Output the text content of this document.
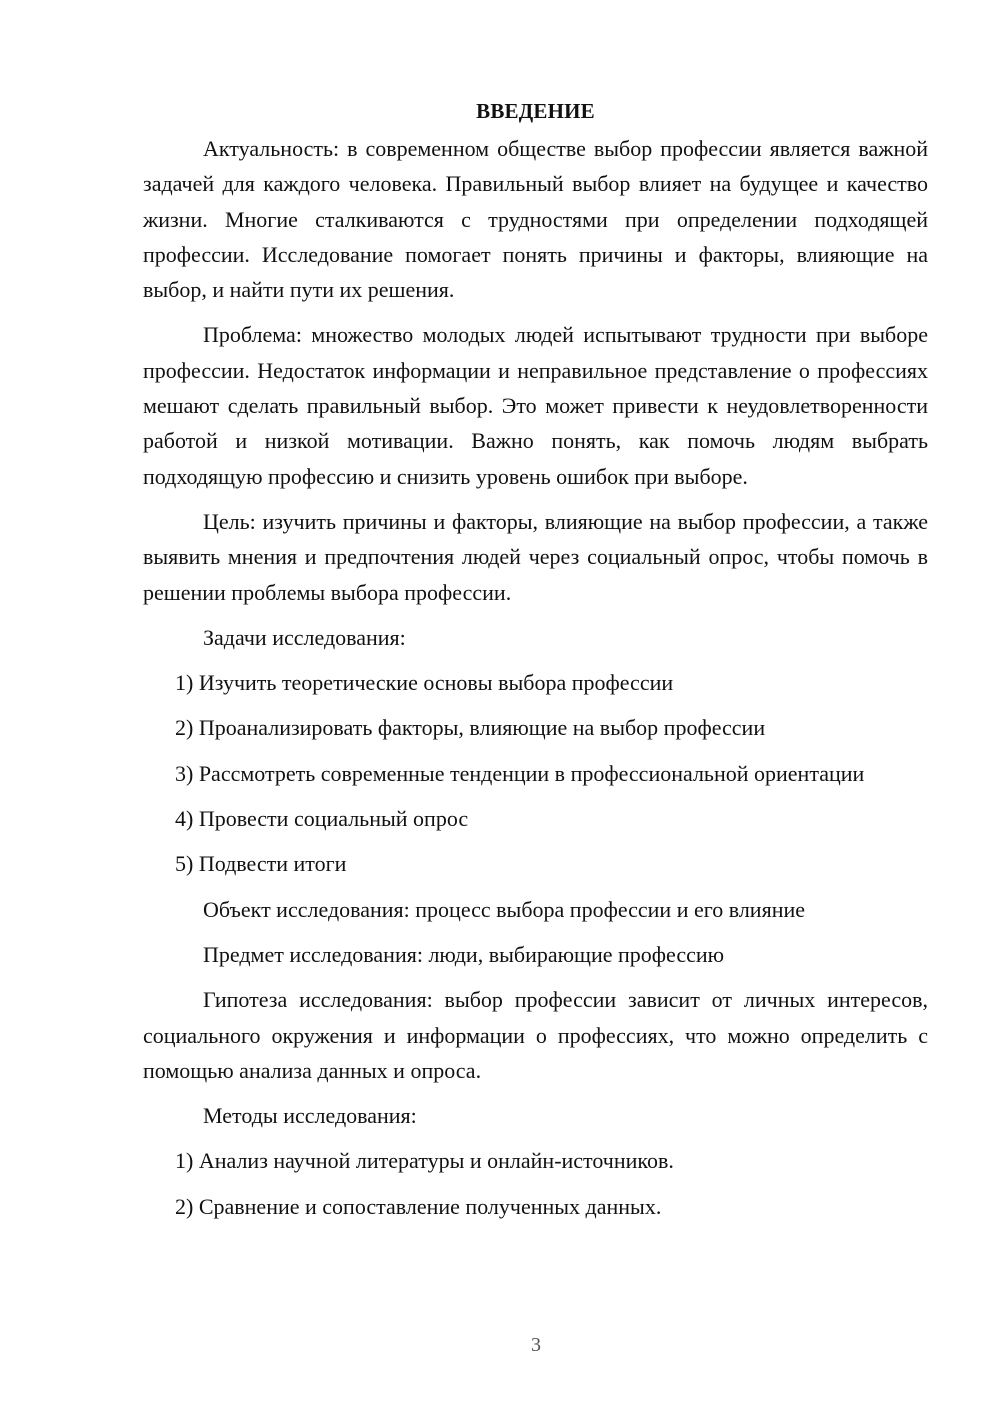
ВВЕДЕНИЕ

Актуальность: в современном обществе выбор профессии является важной задачей для каждого человека. Правильный выбор влияет на будущее и качество жизни. Многие сталкиваются с трудностями при определении подходящей профессии. Исследование помогает понять причины и факторы, влияющие на выбор, и найти пути их решения.

Проблема: множество молодых людей испытывают трудности при выборе профессии. Недостаток информации и неправильное представление о профессиях мешают сделать правильный выбор. Это может привести к неудовлетворенности работой и низкой мотивации. Важно понять, как помочь людям выбрать подходящую профессию и снизить уровень ошибок при выборе.

Цель: изучить причины и факторы, влияющие на выбор профессии, а также выявить мнения и предпочтения людей через социальный опрос, чтобы помочь в решении проблемы выбора профессии.

Задачи исследования:
1) Изучить теоретические основы выбора профессии
2) Проанализировать факторы, влияющие на выбор профессии

3) Рассмотреть современные тенденции в профессиональной ориентации

4) Провести социальный опрос
5) Подвести итоги
Объект исследования: процесс выбора профессии и его влияние
Предмет исследования: люди, выбирающие профессию

Гипотеза исследования: выбор профессии зависит от личных интересов, социального окружения и информации о профессиях, что можно определить с помощью анализа данных и опроса.

Методы исследования:
1) Анализ научной литературы и онлайн-источников.
2) Сравнение и сопоставление полученных данных.
3
